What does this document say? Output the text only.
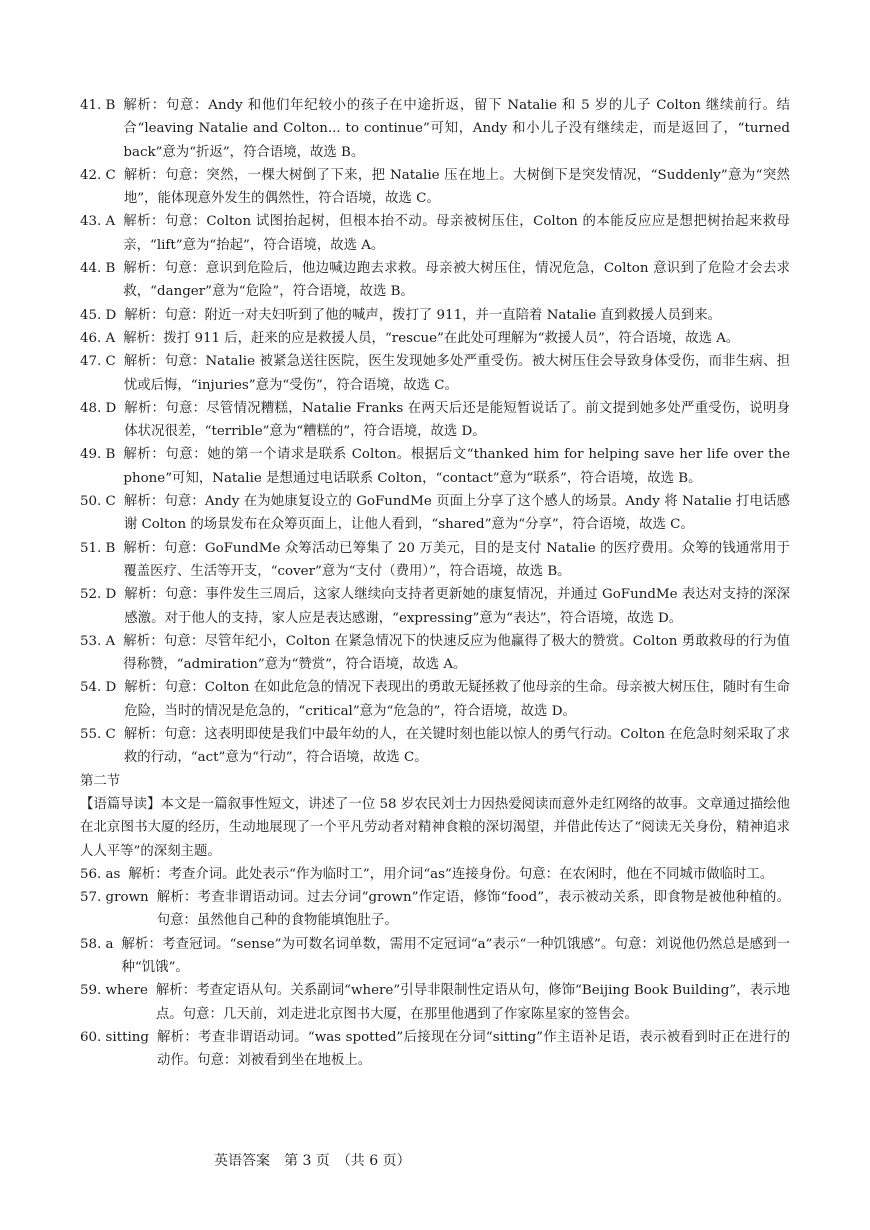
41. B 解析：句意：Andy 和他们年纪较小的孩子在中途折返，留下 Natalie 和 5 岁的儿子 Colton 继续前行。结合“leaving Natalie and Colton... to continue”可知，Andy 和小儿子没有继续走，而是返回了，“turned back”意为“折返”，符合语境，故选 B。
42. C 解析：句意：突然，一棵大树倒了下来，把 Natalie 压在地上。大树倒下是突发情况，“Suddenly”意为“突然地”，能体现意外发生的偶然性，符合语境，故选 C。
43. A 解析：句意：Colton 试图抬起树，但根本抬不动。母亲被树压住，Colton 的本能反应应是想把树抬起来救母亲，“lift”意为“抬起”，符合语境，故选 A。
44. B 解析：句意：意识到危险后，他边喊边跑去求救。母亲被大树压住，情况危急，Colton 意识到了危险才会去求救，“danger”意为“危险”，符合语境，故选 B。
45. D 解析：句意：附近一对夫妇听到了他的喊声，拨打了 911，并一直陪着 Natalie 直到救援人员到来。
46. A 解析：拨打 911 后，赶来的应是救援人员，“rescue”在此处可理解为“救援人员”，符合语境，故选 A。
47. C 解析：句意：Natalie 被紧急送往医院，医生发现她多处严重受伤。被大树压住会导致身体受伤，而非生病、担忧或后悔，“injuries”意为“受伤”，符合语境，故选 C。
48. D 解析：句意：尽管情况糟糕，Natalie Franks 在两天后还是能短暂说话了。前文提到她多处严重受伤，说明身体状况很差，“terrible”意为“糟糕的”，符合语境，故选 D。
49. B 解析：句意：她的第一个请求是联系 Colton。根据后文“thanked him for helping save her life over the phone”可知，Natalie 是想通过电话联系 Colton，“contact”意为“联系”，符合语境，故选 B。
50. C 解析：句意：Andy 在为她康复设立的 GoFundMe 页面上分享了这个感人的场景。Andy 将 Natalie 打电话感谢 Colton 的场景发布在众筹页面上，让他人看到，“shared”意为“分享”，符合语境，故选 C。
51. B 解析：句意：GoFundMe 众筹活动已筹集了 20 万美元，目的是支付 Natalie 的医疗费用。众筹的钱通常用于覆盖医疗、生活等开支，“cover”意为“支付（费用）”，符合语境，故选 B。
52. D 解析：句意：事件发生三周后，这家人继续向支持者更新她的康复情况，并通过 GoFundMe 表达对支持的深深感激。对于他人的支持，家人应是表达感谢，“expressing”意为“表达”，符合语境，故选 D。
53. A 解析：句意：尽管年纪小，Colton 在紧急情况下的快速反应为他赢得了极大的赞赏。Colton 勇敢救母的行为值得称赞，“admiration”意为“赞赏”，符合语境，故选 A。
54. D 解析：句意：Colton 在如此危急的情况下表现出的勇敢无疑拯救了他母亲的生命。母亲被大树压住，随时有生命危险，当时的情况是危急的，“critical”意为“危急的”，符合语境，故选 D。
55. C 解析：句意：这表明即使是我们中最年幼的人，在关键时刻也能以惊人的勇气行动。Colton 在危急时刻采取了求救的行动，“act”意为“行动”，符合语境，故选 C。
第二节
【语篇导读】本文是一篇叙事性短文，讲述了一位 58 岁农民刘士力因热爱阅读而意外走红网络的故事。文章通过描绘他在北京图书大厦的经历，生动地展现了一个平凡劳动者对精神食粮的深切渴望，并借此传达了“阅读无关身份，精神追求人人平等”的深刻主题。
56. as 解析：考查介词。此处表示“作为临时工”，用介词“as”连接身份。句意：在农闲时，他在不同城市做临时工。
57. grown 解析：考查非谓语动词。过去分词“grown”作定语，修饰“food”，表示被动关系，即食物是被他种植的。句意：虽然他自己种的食物能填饱肚子。
58. a 解析：考查冠词。“sense”为可数名词单数，需用不定冠词“a”表示“一种饥饿感”。句意：刘说他仍然总是感到一种“饥饿”。
59. where 解析：考查定语从句。关系副词“where”引导非限制性定语从句，修饰“Beijing Book Building”，表示地点。句意：几天前，刘走进北京图书大厦，在那里他遇到了作家陈星家的签售会。
60. sitting 解析：考查非谓语动词。“was spotted”后接现在分词“sitting”作主语补足语，表示被看到时正在进行的动作。句意：刘被看到坐在地板上。
英语答案　第 3 页　（共 6 页）
